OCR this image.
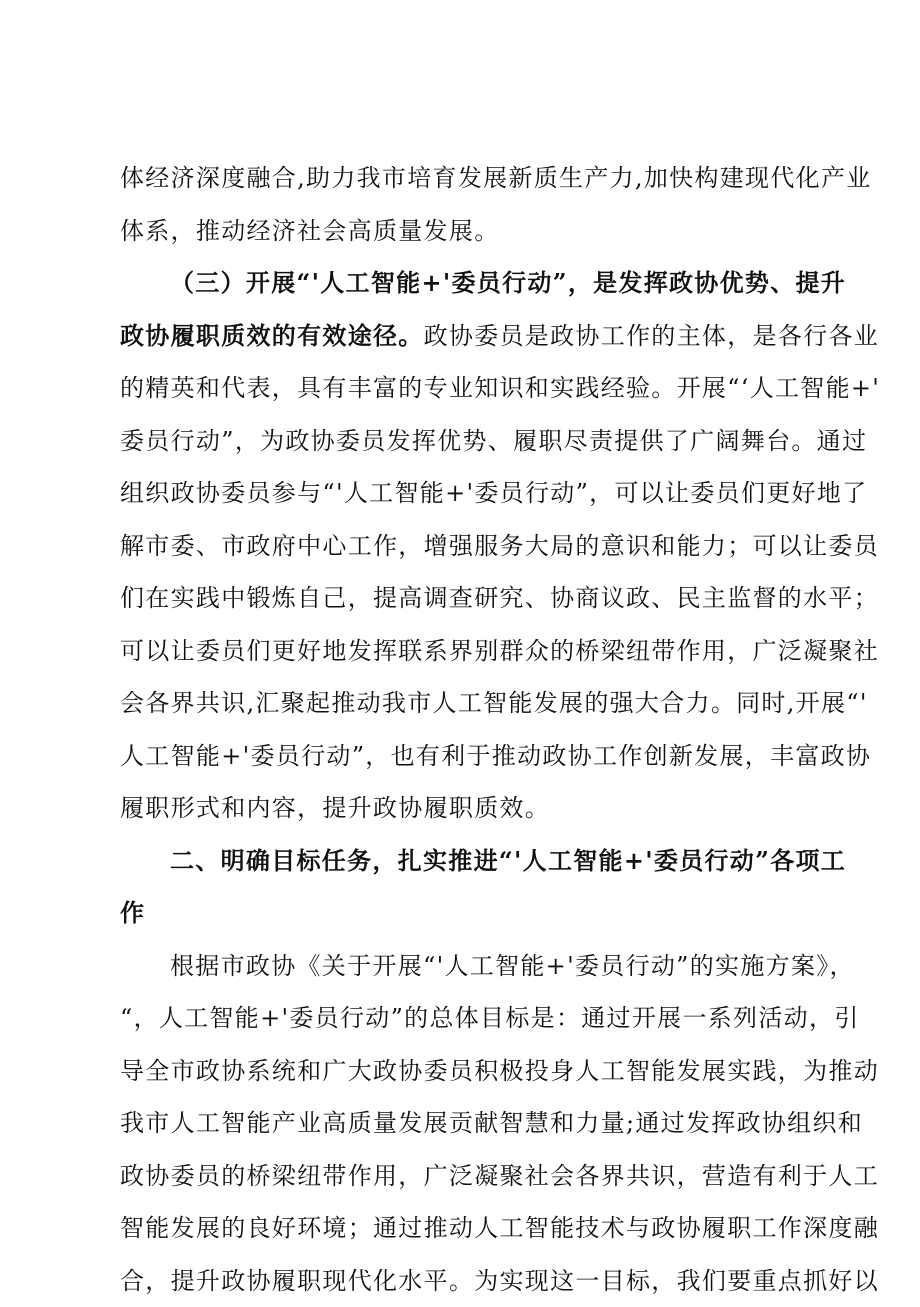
体经济深度融合,助力我市培育发展新质生产力,加快构建现代化产业
体系，推动经济社会高质量发展。
（三）开展“'人工智能+'委员行动”，是发挥政协优势、提升
政协履职质效的有效途径。政协委员是政协工作的主体，是各行各业
的精英和代表，具有丰富的专业知识和实践经验。开展“‘人工智能+'
委员行动”，为政协委员发挥优势、履职尽责提供了广阔舞台。通过
组织政协委员参与“'人工智能+'委员行动”，可以让委员们更好地了
解市委、市政府中心工作，增强服务大局的意识和能力；可以让委员
们在实践中锻炼自己，提高调查研究、协商议政、民主监督的水平；
可以让委员们更好地发挥联系界别群众的桥梁纽带作用，广泛凝聚社
会各界共识,汇聚起推动我市人工智能发展的强大合力。同时,开展“'
人工智能+'委员行动”，也有利于推动政协工作创新发展，丰富政协
履职形式和内容，提升政协履职质效。
二、明确目标任务，扎实推进“'人工智能+'委员行动”各项工
作
根据市政协《关于开展“'人工智能+'委员行动”的实施方案》，
“，人工智能+'委员行动”的总体目标是：通过开展一系列活动，引
导全市政协系统和广大政协委员积极投身人工智能发展实践，为推动
我市人工智能产业高质量发展贡献智慧和力量;通过发挥政协组织和
政协委员的桥梁纽带作用，广泛凝聚社会各界共识，营造有利于人工
智能发展的良好环境；通过推动人工智能技术与政协履职工作深度融
合，提升政协履职现代化水平。为实现这一目标，我们要重点抓好以
